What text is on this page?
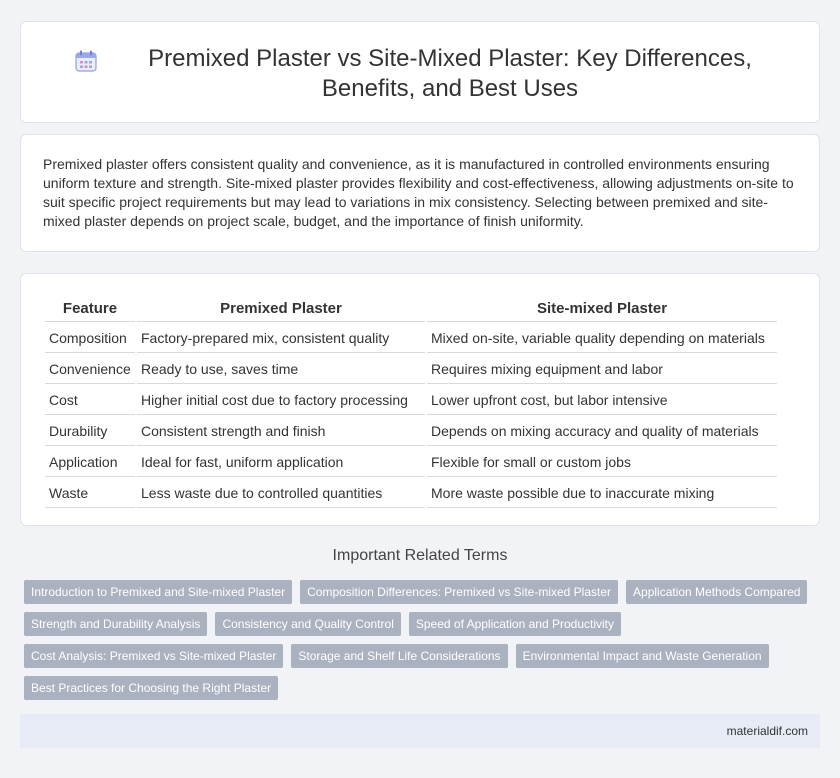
Premixed Plaster vs Site-Mixed Plaster: Key Differences, Benefits, and Best Uses

Premixed plaster offers consistent quality and convenience, as it is manufactured in controlled environments ensuring uniform texture and strength. Site-mixed plaster provides flexibility and cost-effectiveness, allowing adjustments on-site to suit specific project requirements but may lead to variations in mix consistency. Selecting between premixed and site-mixed plaster depends on project scale, budget, and the importance of finish uniformity.

Feature	Premixed Plaster	Site-mixed Plaster
Composition	Factory-prepared mix, consistent quality	Mixed on-site, variable quality depending on materials
Convenience	Ready to use, saves time	Requires mixing equipment and labor
Cost	Higher initial cost due to factory processing	Lower upfront cost, but labor intensive
Durability	Consistent strength and finish	Depends on mixing accuracy and quality of materials
Application	Ideal for fast, uniform application	Flexible for small or custom jobs
Waste	Less waste due to controlled quantities	More waste possible due to inaccurate mixing
Important Related Terms
Introduction to Premixed and Site-mixed Plaster	Composition Differences: Premixed vs Site-mixed Plaster	Application Methods Compared
Strength and Durability Analysis	Consistency and Quality Control	Speed of Application and Productivity
Cost Analysis: Premixed vs Site-mixed Plaster	Storage and Shelf Life Considerations	Environmental Impact and Waste Generation
Best Practices for Choosing the Right Plaster
materialdif.com
